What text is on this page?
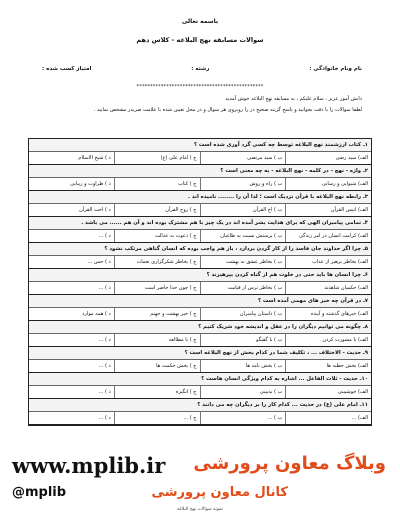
باسمه تعالی
سوالات مسابقه نهج البلاغه - کلاس دهم
نام ونام خانوادگی :
رشته :
امتیاز کسب شده :
***********************************************
دانش آموز عزیز ، سلام علیکم ، به مسابقه نهج البلاغه خوش آمدید
لطفا سوالات را با دقت بخوانید و پاسخ گزینه صحیح در را روبروی هر سوال و در محل تعیین شده با علامت ضربدر مشخص نمایید .
۱ـ کتاب ارزشمند نهج البلاغه توسط چه کسی گرد آوری شده است ؟
الف) سید رضی
ب ) سید مرتضی
ج ) امام علی (ع)
د ) شیخ الاسلام
۲ـ واژه - نهج - در کلمه - نهج البلاغه - به چه معنی است ؟
الف) شیوایی و رسایی
ب ) راه و روش
ج ) کتاب
د ) طراوت و زیبایی
۳ـ رابطه نهج البلاغه با قرآن نزدیک است ؛ لذا آن را ........ نامیده اند .
الف) انیس القرآن
ب ) اخ القرآن
ج ) روح القرآن
د ) اخت القرآن
۴ـ تمامی پیامبران الهی که برای هدایت بشر آمده اند در یک چیز با هم مشترک بوده اند و آن هم ...... می باشد .
الف) کرامت انسان در امر زندگی
ب ) پرستش نسبت به طاغیان
ج ) دعوت به عدالت
د ) ...
۵ـ چرا اگر خداوند جان فاسد را از کار گردن بردارد ، باز هم واجب بوده که انسان گناهی مرتکب نشود ؟
الف) بخاطر برهیز از عذاب
ب ) بخاطر عشق به بهشت
ج ) بخاطر شکرگزاری نعمات
د ) حس ...
۶ـ چرا انسان ها باید حتی در خلوت هم از گناه کردن بپرهیزند ؟
الف) حکمیان شاهدند
ب ) بخاطر ترس از قیامت
ج ) چون خدا حاضر است
د ) ...
۷ـ در قرآن چه خبر های مهمی آمده است ؟
الف) خبرهای گذشته و آینده
ب ) داستان پیامبران
ج ) خبر بهشت و جهنم
د ) همه موارد
۸ـ چگونه می توانیم دیگران را در عقل و اندیشه خود شریک کنیم ؟
الف) با مشورت کردن
ب ) با گفتگو
ج ) با مطالعه
د ) ...
۹ـ حدیث - الاختلاف ... ، تکلیف شما در کدام بخش از نهج البلاغه است ؟
الف) بخش خطبه ها
ب ) بخش نامه ها
ج ) بخش حکمت ها
د ) ...
۱۰ـ حدیث - ثلاث الفاعل ... اشاره به کدام ویژگی انسان هاست ؟
الف) خوشبینی
ب ) بدبینی
ج ) انگیزه
د ) ...
۱۱ـ امام علی (ع) در حدیث ... کدام کار را بر دیگران چه می دانند ؟
الف) ...
ب ) ...
ج ) ...
د ) ...
www.mplib.ir وبلاگ معاون پرورشی
@mplib	کانال معاون پرورشی
نمونه سوالات نهج البلاغه
